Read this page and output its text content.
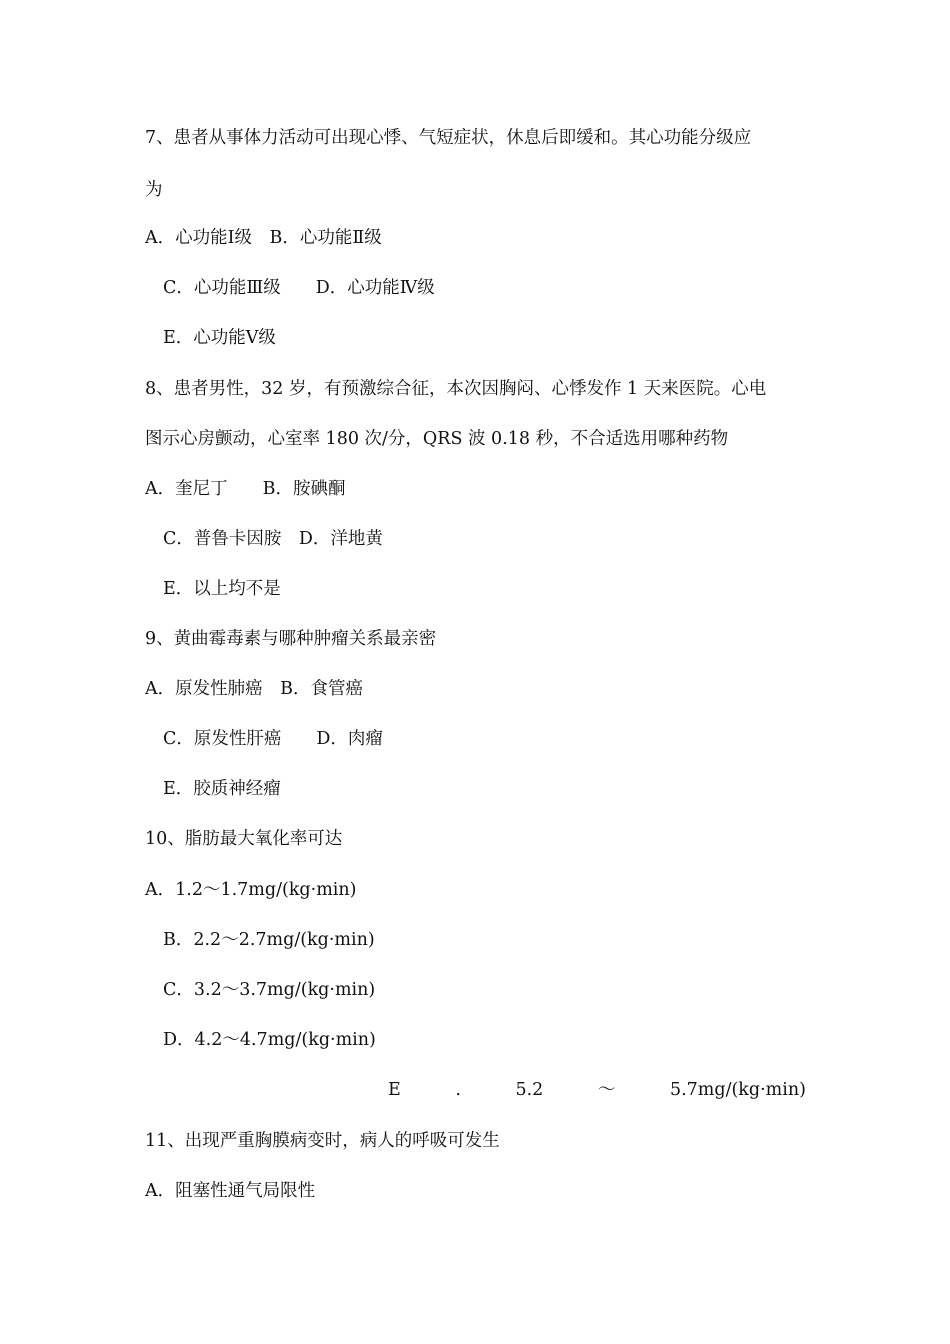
7、患者从事体力活动可出现心悸、气短症状，休息后即缓和。其心功能分级应
为
A．心功能Ⅰ级　B．心功能Ⅱ级
C．心功能Ⅲ级　　D．心功能Ⅳ级
E．心功能Ⅴ级
8、患者男性，32 岁，有预激综合征，本次因胸闷、心悸发作 1 天来医院。心电
图示心房颤动，心室率 180 次/分，QRS 波 0.18 秒，不合适选用哪种药物
A．奎尼丁　　B．胺碘酮
C．普鲁卡因胺　D．洋地黄
E．以上均不是
9、黄曲霉毒素与哪种肿瘤关系最亲密
A．原发性肺癌　B．食管癌
C．原发性肝癌　　D．肉瘤
E．胶质神经瘤
10、脂肪最大氧化率可达
A．1.2～1.7mg/(kg·min)
B．2.2～2.7mg/(kg·min)
C．3.2～3.7mg/(kg·min)
D．4.2～4.7mg/(kg·min)
E	.	5.2	～	5.7mg/(kg·min)
11、出现严重胸膜病变时，病人的呼吸可发生
A．阻塞性通气局限性
